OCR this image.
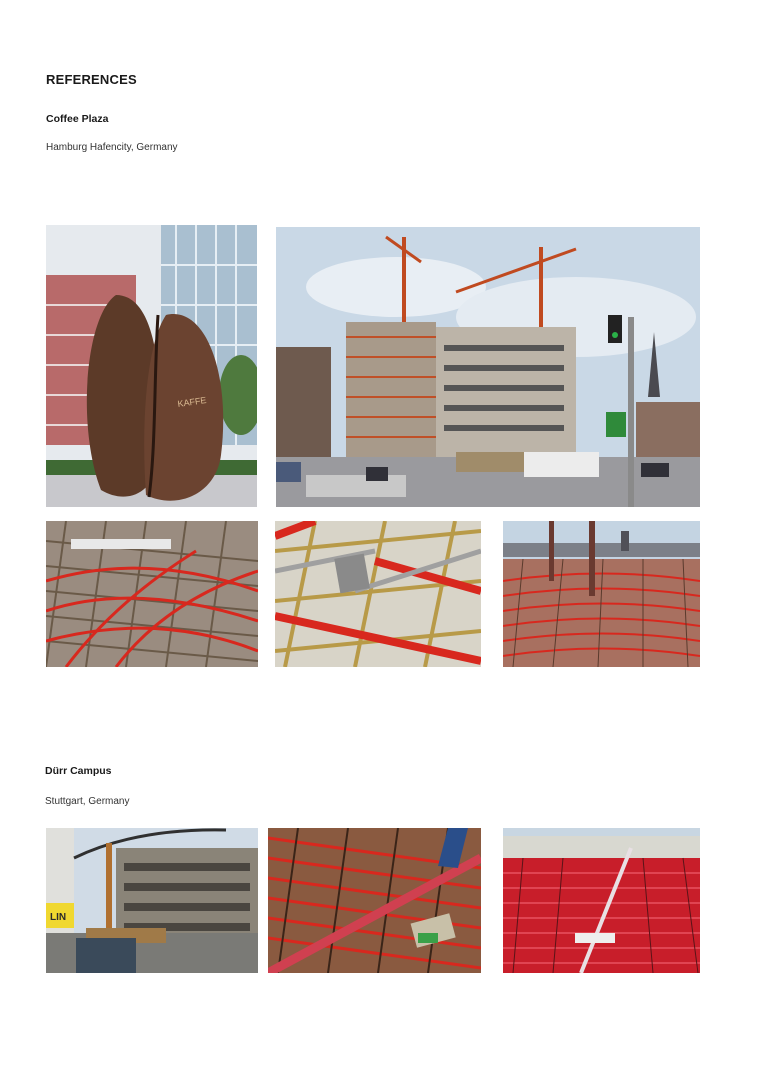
REFERENCES
Coffee Plaza
Hamburg Hafencity, Germany
KAFFE
Dürr Campus
Stuttgart, Germany
LIN
